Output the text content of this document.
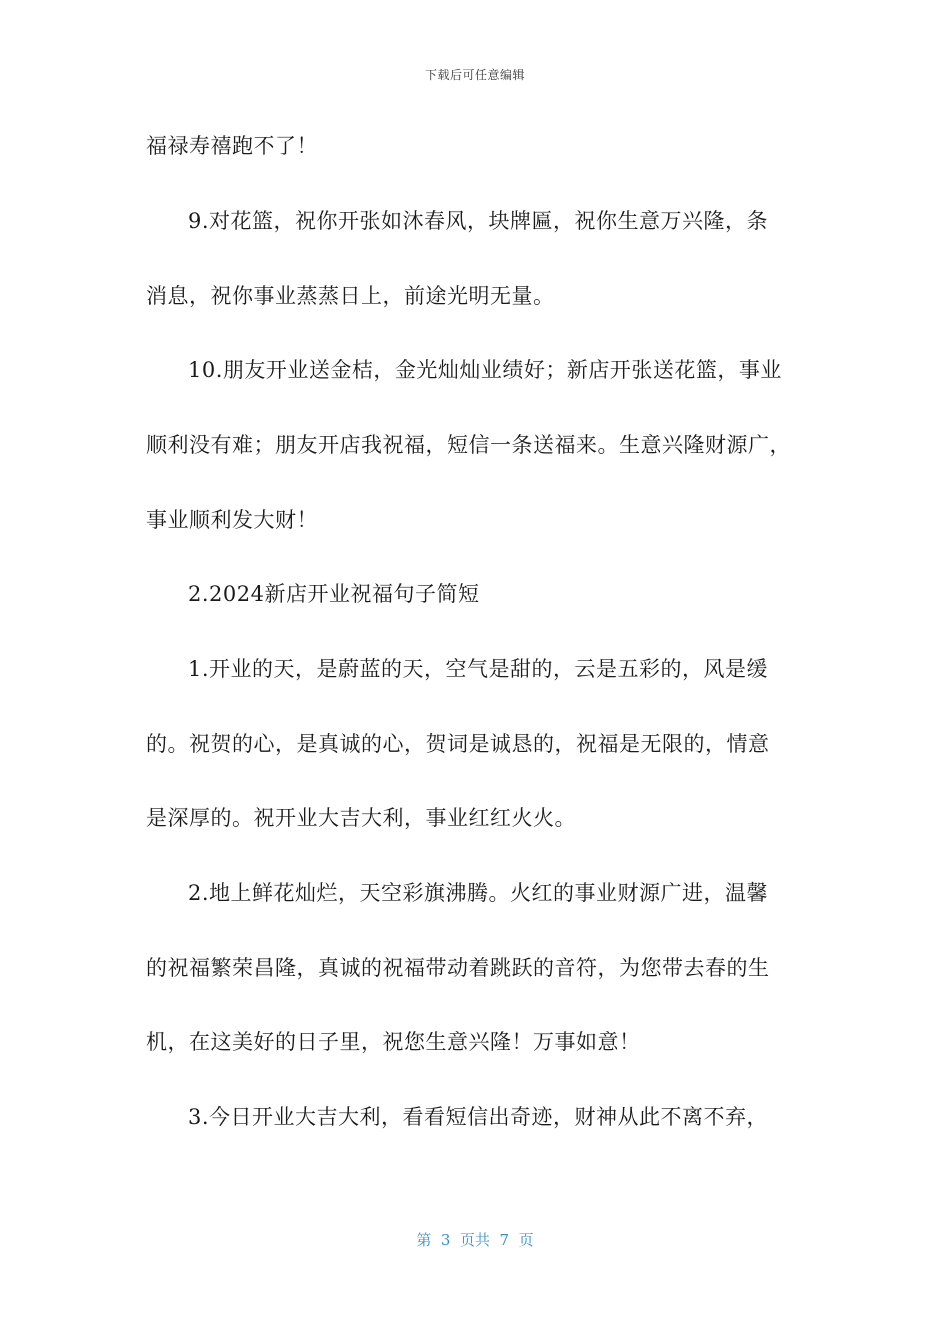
下载后可任意编辑
福禄寿禧跑不了！
9.对花篮，祝你开张如沐春风，块牌匾，祝你生意万兴隆，条
消息，祝你事业蒸蒸日上，前途光明无量。
10.朋友开业送金桔，金光灿灿业绩好；新店开张送花篮，事业
顺利没有难；朋友开店我祝福，短信一条送福来。生意兴隆财源广，
事业顺利发大财！
2.2024新店开业祝福句子简短
1.开业的天，是蔚蓝的天，空气是甜的，云是五彩的，风是缓
的。祝贺的心，是真诚的心，贺词是诚恳的，祝福是无限的，情意
是深厚的。祝开业大吉大利，事业红红火火。
2.地上鲜花灿烂，天空彩旗沸腾。火红的事业财源广进，温馨
的祝福繁荣昌隆，真诚的祝福带动着跳跃的音符，为您带去春的生
机，在这美好的日子里，祝您生意兴隆！万事如意！
3.今日开业大吉大利，看看短信出奇迹，财神从此不离不弃，
第  3  页共  7  页
